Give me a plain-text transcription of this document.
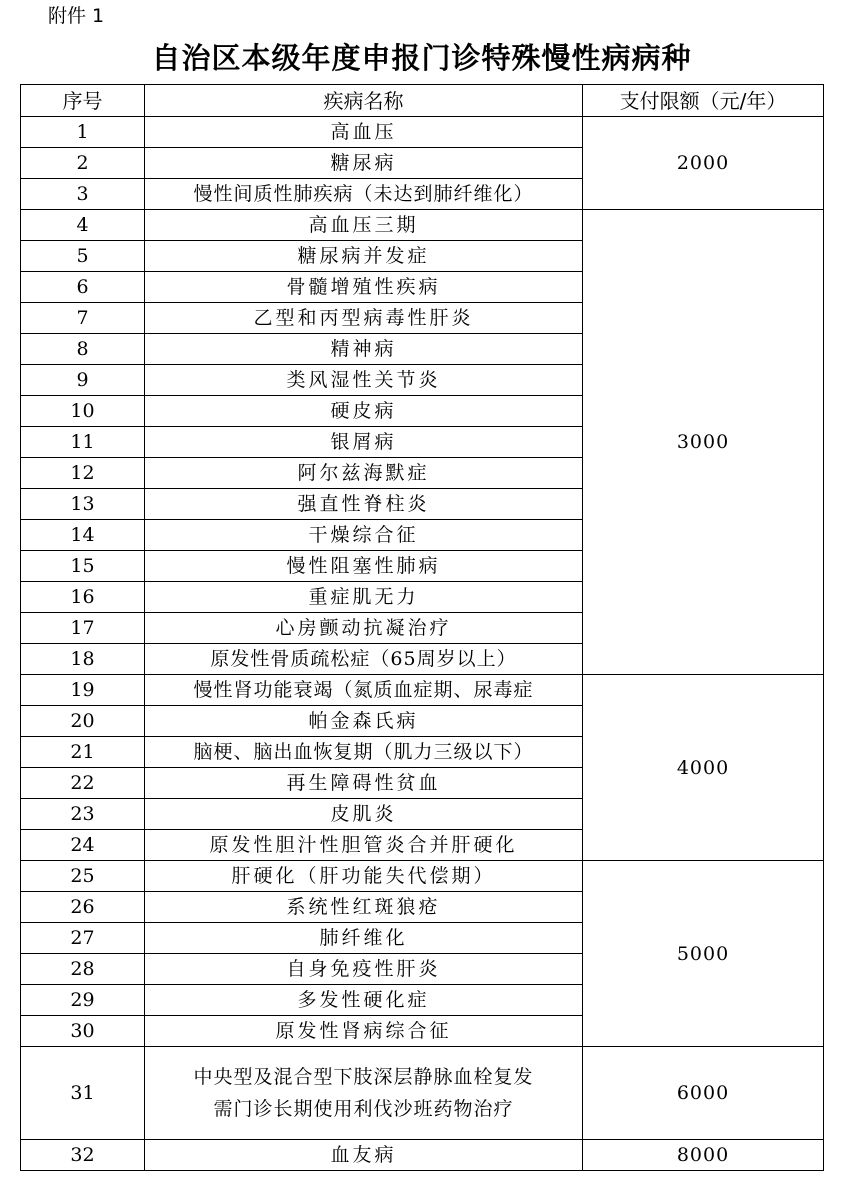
附件 1
自治区本级年度申报门诊特殊慢性病病种
序号	疾病名称	支付限额（元/年）
1	高血压	2000
2	糖尿病	
3	慢性间质性肺疾病（未达到肺纤维化）	
4	高血压三期	3000
5	糖尿病并发症	
6	骨髓增殖性疾病	
7	乙型和丙型病毒性肝炎	
8	精神病	
9	类风湿性关节炎	
10	硬皮病	
11	银屑病	
12	阿尔兹海默症	
13	强直性脊柱炎	
14	干燥综合征	
15	慢性阻塞性肺病	
16	重症肌无力	
17	心房颤动抗凝治疗	
18	原发性骨质疏松症（65周岁以上）	
19	慢性肾功能衰竭（氮质血症期、尿毒症	4000
20	帕金森氏病	
21	脑梗、脑出血恢复期（肌力三级以下）	
22	再生障碍性贫血	
23	皮肌炎	
24	原发性胆汁性胆管炎合并肝硬化	
25	肝硬化（肝功能失代偿期）	5000
26	系统性红斑狼疮	
27	肺纤维化	
28	自身免疫性肝炎	
29	多发性硬化症	
30	原发性肾病综合征	
31	中央型及混合型下肢深层静脉血栓复发
需门诊长期使用利伐沙班药物治疗	6000
32	血友病	8000
